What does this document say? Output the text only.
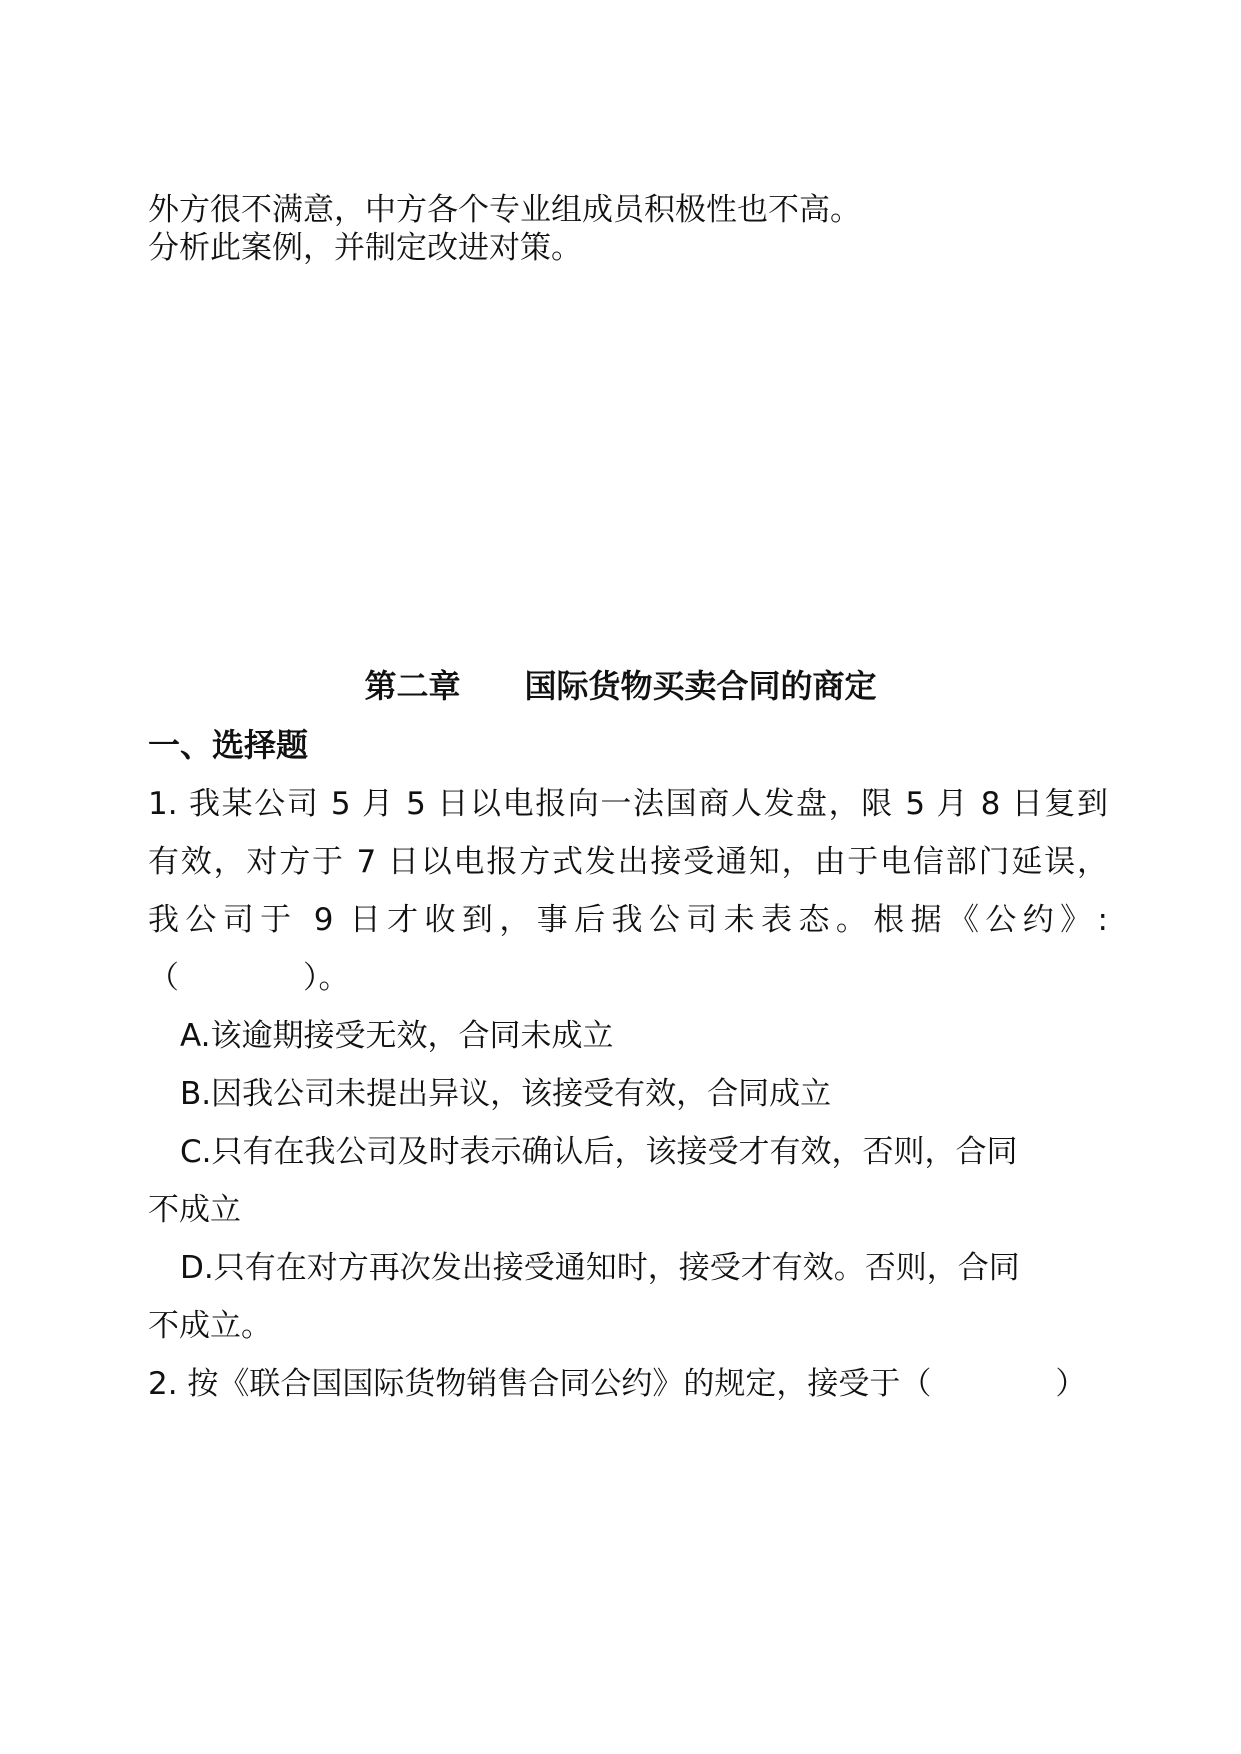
外方很不满意，中方各个专业组成员积极性也不高。
分析此案例，并制定改进对策。
第二章　　国际货物买卖合同的商定
一、选择题
1. 我某公司 5 月 5 日以电报向一法国商人发盘，限 5 月 8 日复到
有效，对方于 7 日以电报方式发出接受通知，由于电信部门延误，
我公司于 9 日才收到，事后我公司未表态。根据《公约》:
（　　　　）。
A.该逾期接受无效，合同未成立
B.因我公司未提出异议，该接受有效，合同成立
C.只有在我公司及时表示确认后，该接受才有效，否则，合同
不成立
D.只有在对方再次发出接受通知时，接受才有效。否则，合同
不成立。
2. 按《联合国国际货物销售合同公约》的规定，接受于（　　　　）
